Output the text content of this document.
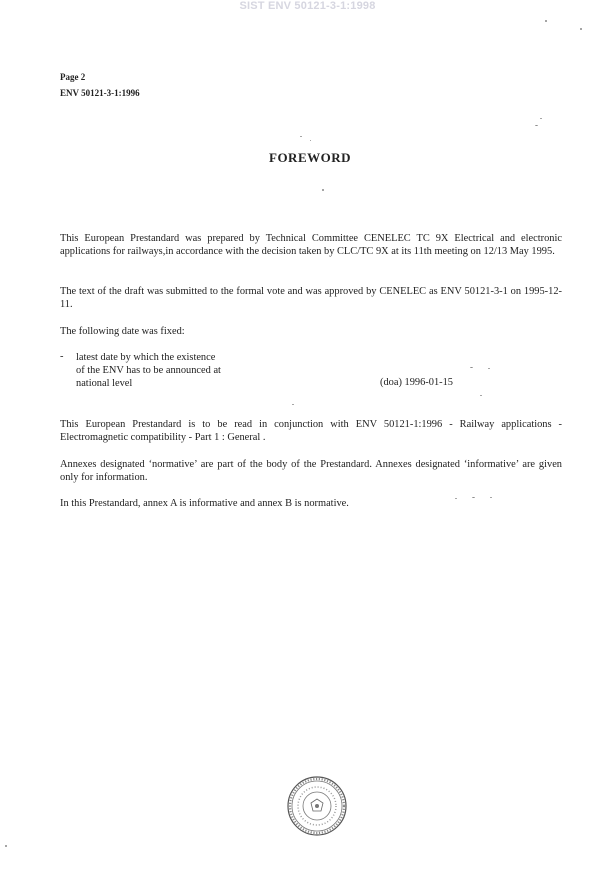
SIST ENV 50121-3-1:1998
Page 2
ENV 50121-3-1:1996
FOREWORD

This European Prestandard was prepared by Technical Committee CENELEC TC 9X Electrical and electronic applications for railways,in accordance with the decision taken by CLC/TC 9X at its 11th meeting on 12/13 May 1995.

The text of the draft was submitted to the formal vote and was approved by CENELEC as ENV 50121-3-1 on 1995-12-11.

The following date was fixed:

- latest date by which the existence
of the ENV has to be announced at
national level	(doa) 1996-01-15

This European Prestandard is to be read in conjunction with ENV 50121-1:1996 - Railway applications - Electromagnetic compatibility - Part 1 : General .

Annexes designated ‘normative’ are part of the body of the Prestandard. Annexes designated ‘informative’ are given only for information.

In this Prestandard, annex A is informative and annex B is normative.
